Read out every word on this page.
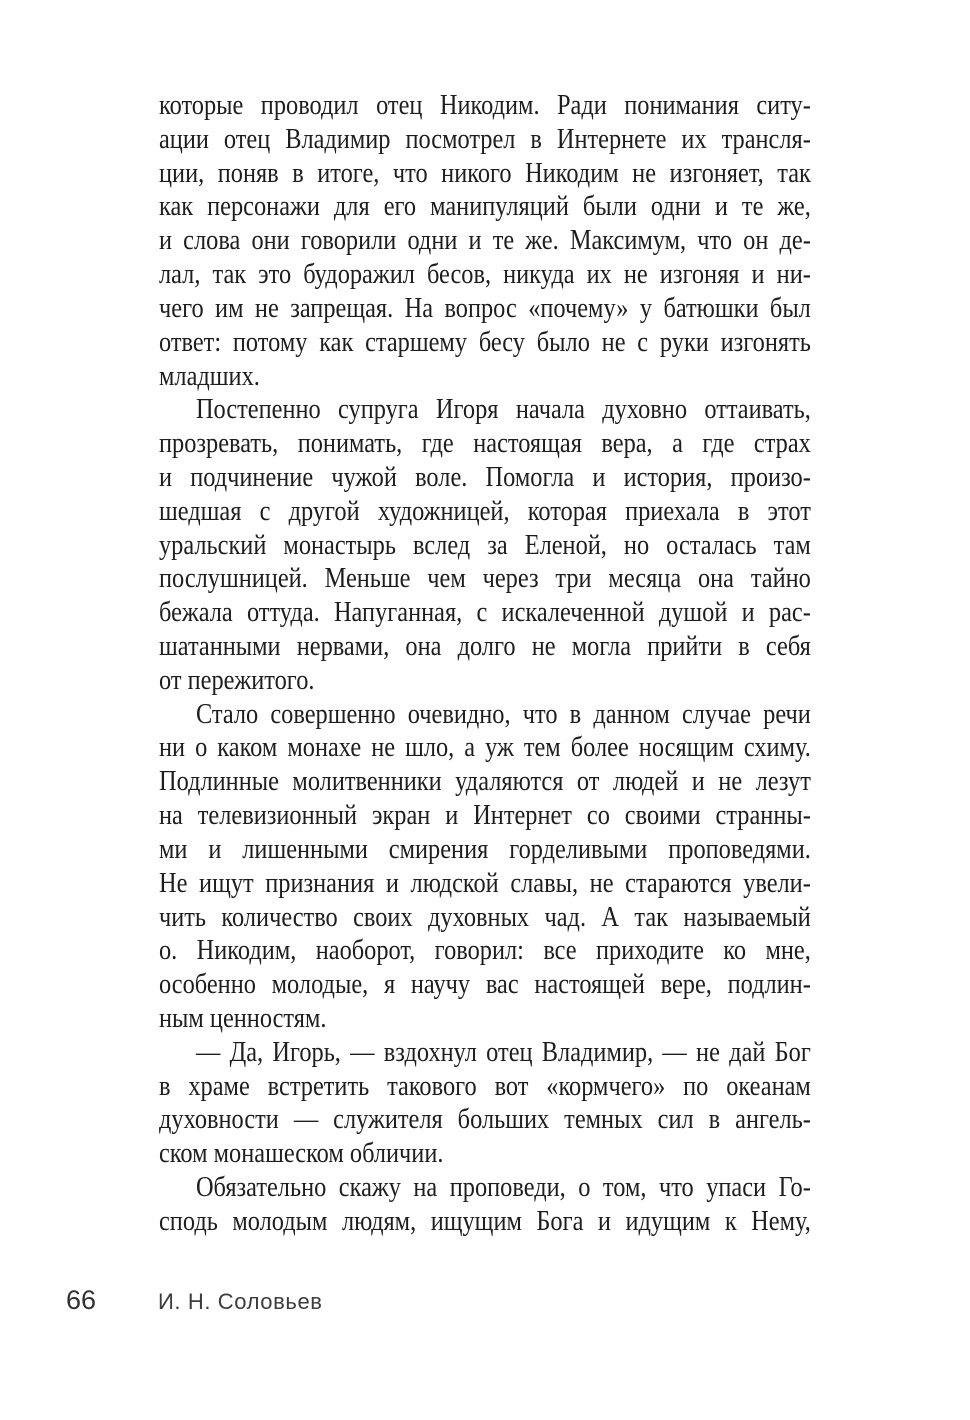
которые проводил отец Никодим. Ради понимания ситу-
ации отец Владимир посмотрел в Интернете их трансля-
ции, поняв в итоге, что никого Никодим не изгоняет, так
как персонажи для его манипуляций были одни и те же,
и слова они говорили одни и те же. Максимум, что он де-
лал, так это будоражил бесов, никуда их не изгоняя и ни-
чего им не запрещая. На вопрос «почему» у батюшки был
ответ: потому как старшему бесу было не с руки изгонять
младших.
Постепенно супруга Игоря начала духовно оттаивать,
прозревать, понимать, где настоящая вера, а где страх
и подчинение чужой воле. Помогла и история, произо-
шедшая с другой художницей, которая приехала в этот
уральский монастырь вслед за Еленой, но осталась там
послушницей. Меньше чем через три месяца она тайно
бежала оттуда. Напуганная, с искалеченной душой и рас-
шатанными нервами, она долго не могла прийти в себя
от пережитого.
Стало совершенно очевидно, что в данном случае речи
ни о каком монахе не шло, а уж тем более носящим схиму.
Подлинные молитвенники удаляются от людей и не лезут
на телевизионный экран и Интернет со своими странны-
ми и лишенными смирения горделивыми проповедями.
Не ищут признания и людской славы, не стараются увели-
чить количество своих духовных чад. А так называемый
о. Никодим, наоборот, говорил: все приходите ко мне,
особенно молодые, я научу вас настоящей вере, подлин-
ным ценностям.
— Да, Игорь, — вздохнул отец Владимир, — не дай Бог
в храме встретить такового вот «кормчего» по океанам
духовности — служителя больших темных сил в ангель-
ском монашеском обличии.
Обязательно скажу на проповеди, о том, что упаси Го-
сподь молодым людям, ищущим Бога и идущим к Нему,
66	И. Н. Соловьев
